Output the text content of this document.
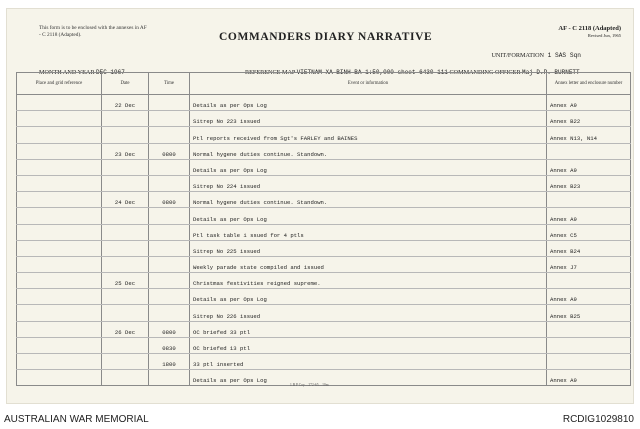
This form is to be enclosed with the annexes in AF - C 2118 (Adapted).	COMMANDERS DIARY NARRATIVE
AF - C 2118 (Adapted)
Revised Jun, 1965
UNIT/FORMATION 1 SAS Sqn
MONTH AND YEAR DEC 1967	REFERENCE MAP VIETNAM XA BINH BA 1:50,000 sheet 6430 111 COMMANDING OFFICER Maj D.P. BURNETT
Place and grid reference	Date	Time	Event or information	Annex letter and enclosure number
	22 Dec		Details as per Ops Log	Annex A9
			Sitrep No 223 issued	Annex B22
			Ptl reports received from Sgt's FARLEY and BAINES	Annex N13, N14
	23 Dec	0800	Normal hygene duties continue. Standown.	
			Details as per Ops Log	Annex A9
			Sitrep No 224 issued	Annex B23
	24 Dec	0800	Normal hygene duties continue. Standown.	
			Details as per Ops Log	Annex A9
			Ptl task table i ssued for 4 ptls	Annex C5
			Sitrep No 225 issued	Annex B24
			Weekly parade state compiled and issued	Annex J7
	25 Dec		Christmas festivities reigned supreme.	
			Details as per Ops Log	Annex A9
			Sitrep No 226 issued	Annex B25
	26 Dec	0800	OC briefed 33 ptl	
		0830	OC briefed 13 ptl	
		1800	33 ptl inserted	
			Details as per Ops Log	Annex A9
1 B P Coy—272-65—10m
AUSTRALIAN WAR MEMORIAL	RCDIG1029810
